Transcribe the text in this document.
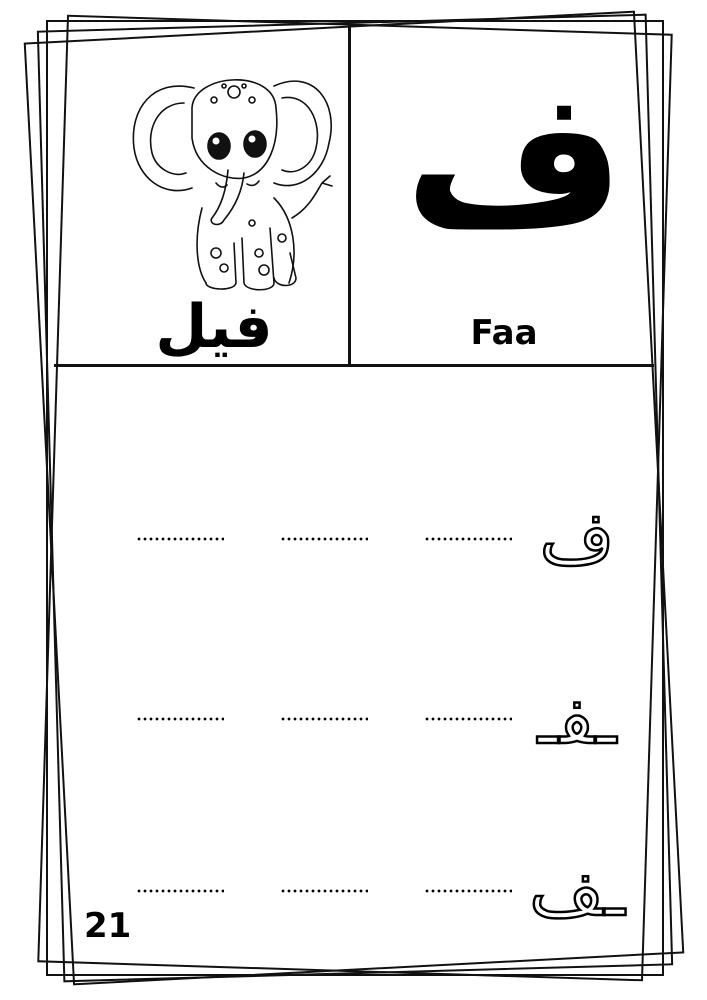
فيل
ف
Faa
ف
ـفـ
ـف
21
